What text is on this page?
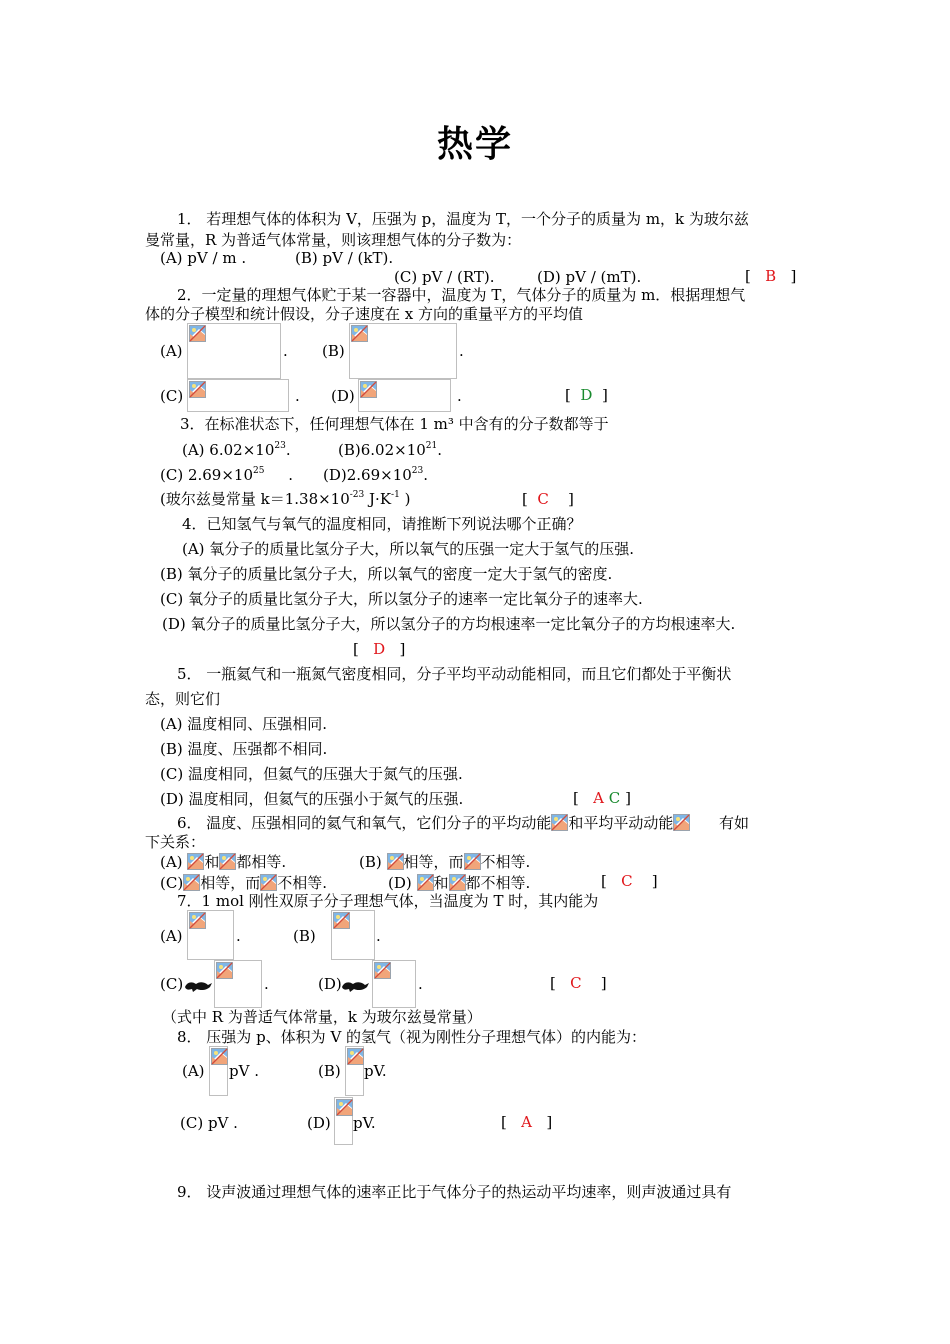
热学
1． 若理想气体的体积为 V，压强为 p，温度为 T，一个分子的质量为 m，k 为玻尔兹
曼常量，R 为普适气体常量，则该理想气体的分子数为：
(A) pV / m .	(B) pV / (kT).
(C) pV / (RT).	(D) pV / (mT).	[ B ]
2．一定量的理想气体贮于某一容器中，温度为 T，气体分子的质量为 m．根据理想气
体的分子模型和统计假设，分子速度在 x 方向的重量平方的平均值
(A)	. (B)	.
(C)	. (D)	.	[ D ]
3．在标准状态下，任何理想气体在 1 m³ 中含有的分子数都等于
(A) $6.02\times 10^{23}$.	$(B)6.02\times 10^{21}$.
(C) $2.69\times 10^{25}$     . $(D)2.69\times 10^{23}$.
(玻尔兹曼常量 $k=1.38\times 10^{-23}$ $J\cdot K^{-1}$ )	[ C ]
4．已知氢气与氧气的温度相同，请推断下列说法哪个正确？
(A) 氧分子的质量比氢分子大，所以氧气的压强一定大于氢气的压强.
(B) 氧分子的质量比氢分子大，所以氧气的密度一定大于氢气的密度.
(C) 氧分子的质量比氢分子大，所以氢分子的速率一定比氧分子的速率大.
(D) 氧分子的质量比氢分子大，所以氢分子的方均根速率一定比氧分子的方均根速率大.
[ D ]
5． 一瓶氦气和一瓶氮气密度相同，分子平均平动动能相同，而且它们都处于平衡状
态，则它们
(A) 温度相同、压强相同.
(B) 温度、压强都不相同.
(C) 温度相同，但氦气的压强大于氮气的压强.
(D) 温度相同，但氦气的压强小于氮气的压强.	[ A C ]
6． 温度、压强相同的氦气和氧气，它们分子的平均动能 和平均平动动能	有如
下关系：
(A) 和 都相等.	(B) 相等，而 不相等.
(C) 相等，而 不相等.	(D) 和 都不相等.	[ C ]
7．1 mol 刚性双原子分子理想气体，当温度为 T 时，其内能为
(A)	.	(B)	.
(C)	.	(D)	.	[ C ]
（式中 R 为普适气体常量，k 为玻尔兹曼常量）
8． 压强为 p、体积为 V 的氢气（视为刚性分子理想气体）的内能为：
(A) pV .	(B) pV.
(C) pV .	(D) pV.	[ A ]
9． 设声波通过理想气体的速率正比于气体分子的热运动平均速率，则声波通过具有
